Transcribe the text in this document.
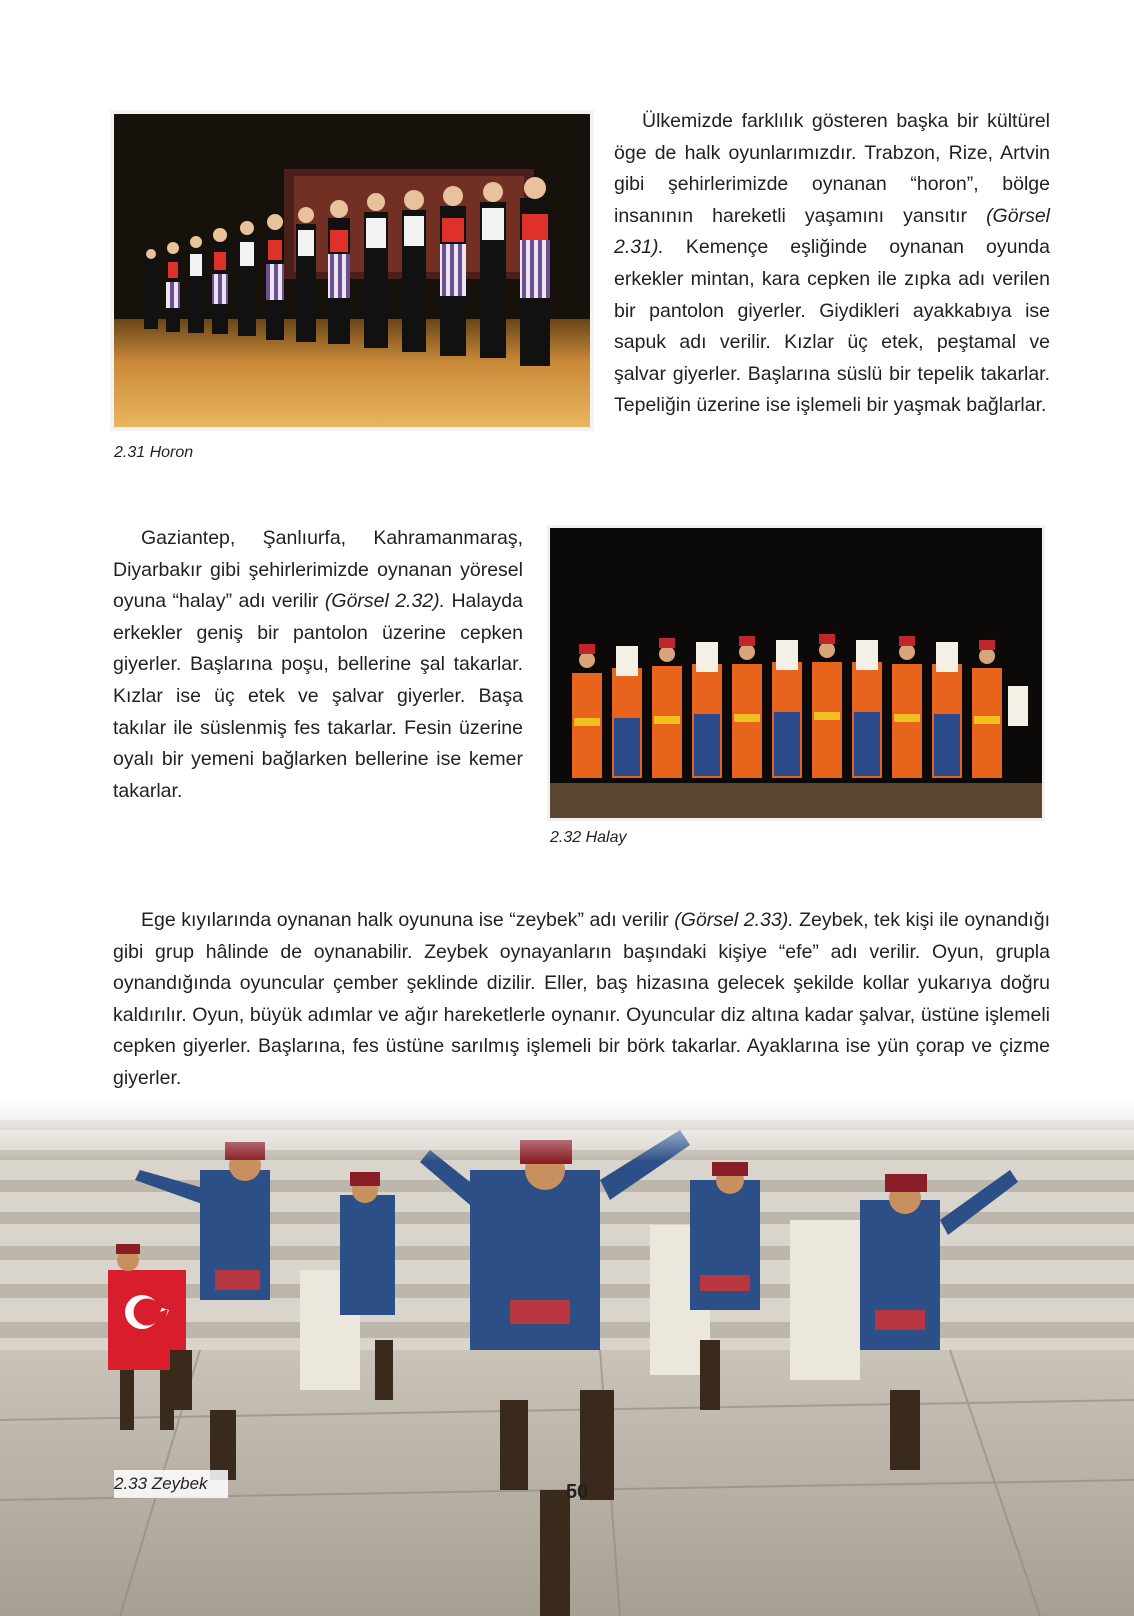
Ülkemizde farklılık gösteren başka bir kültürel öge de halk oyunlarımızdır. Trabzon, Rize, Artvin gibi şehirlerimizde oynanan “horon”, bölge insanının hareketli yaşamını yansıtır (Görsel 2.31). Kemençe eşliğinde oynanan oyunda erkekler mintan, kara cepken ile zıpka adı verilen bir pantolon giyerler. Giydikleri ayakkabıya ise sapuk adı verilir. Kızlar üç etek, peştamal ve şalvar giyerler. Başlarına süslü bir tepelik takarlar. Tepeliğin üzerine ise işlemeli bir yaşmak bağlarlar.

2.31 Horon

Gaziantep, Şanlıurfa, Kahramanmaraş, Diyarbakır gibi şehirlerimizde oynanan yöresel oyuna “halay” adı verilir (Görsel 2.32). Halayda erkekler geniş bir pantolon üzerine cepken giyerler. Başlarına poşu, bellerine şal takarlar. Kızlar ise üç etek ve şalvar giyerler. Başa takılar ile süslenmiş fes takarlar. Fesin üzerine oyalı bir yemeni bağlarken bellerine ise kemer takarlar.

2.32 Halay

Ege kıyılarında oynanan halk oyununa ise “zeybek” adı verilir (Görsel 2.33). Zeybek, tek kişi ile oynandığı gibi grup hâlinde de oynanabilir. Zeybek oynayanların başındaki kişiye “efe” adı verilir. Oyun, grupla oynandığında oyuncular çember şeklinde dizilir. Eller, baş hizasına gelecek şekilde kollar yukarıya doğru kaldırılır. Oyun, büyük adımlar ve ağır hareketlerle oynanır. Oyuncular diz altına kadar şalvar, üstüne işlemeli cepken giyerler. Başlarına, fes üstüne sarılmış işlemeli bir börk takarlar. Ayaklarına ise yün çorap ve çizme giyerler.

2.33 Zeybek	50
